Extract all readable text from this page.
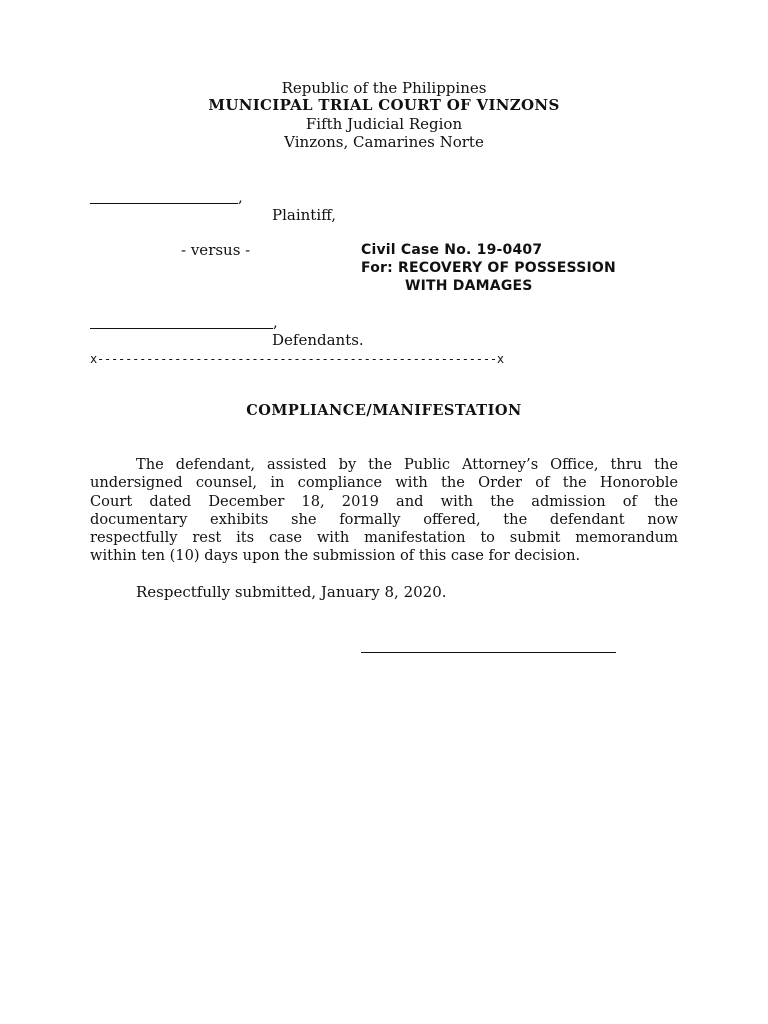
Republic of the Philippines
MUNICIPAL TRIAL COURT OF VINZONS
Fifth Judicial Region
Vinzons, Camarines Norte
,
Plaintiff,
- versus -	Civil Case No. 19-0407
For: RECOVERY OF POSSESSION
WITH DAMAGES
,
Defendants.
x---------------------------------------------------------x
COMPLIANCE/MANIFESTATION
The defendant, assisted by the Public Attorney’s Office, thru the
undersigned counsel, in compliance with the Order of the Honoroble
Court dated December 18, 2019 and with the admission of the
documentary exhibits she formally offered, the defendant now
respectfully rest its case with manifestation to submit memorandum
within ten (10) days upon the submission of this case for decision.
Respectfully submitted, January 8, 2020.
